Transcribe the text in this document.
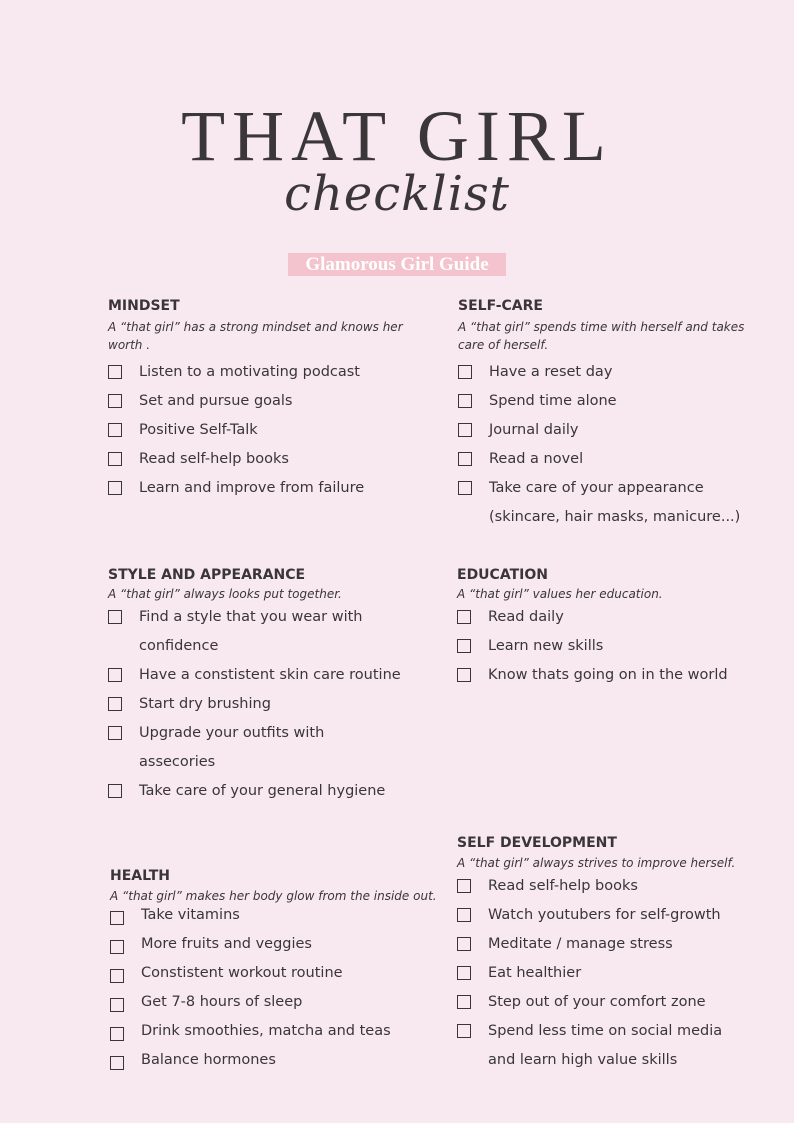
THAT GIRL
checklist
Glamorous Girl Guide
MINDSET
A “that girl” has a strong mindset and knows her worth .
Listen to a motivating podcast
Set and pursue goals
Positive Self-Talk
Read self-help books
Learn and improve from failure
SELF-CARE
A “that girl” spends time with herself and takes care of herself.
Have a reset day
Spend time alone
Journal daily
Read a novel
Take care of your appearance (skincare, hair masks, manicure...)
STYLE AND APPEARANCE
A “that girl” always looks put together.
Find a style that you wear with confidence
Have a constistent skin care routine
Start dry brushing
Upgrade your outfits with assecories
Take care of your general hygiene
EDUCATION
A “that girl” values her education.
Read daily
Learn new skills
Know thats going on in the world
SELF DEVELOPMENT
A “that girl” always strives to improve herself.
Read self-help books
Watch youtubers for self-growth
Meditate / manage stress
Eat healthier
Step out of your comfort zone
Spend less time on social media and learn high value skills
HEALTH
A “that girl” makes her body glow from the inside out.
Take vitamins
More fruits and veggies
Constistent workout routine
Get 7-8 hours of sleep
Drink smoothies, matcha and teas
Balance hormones
